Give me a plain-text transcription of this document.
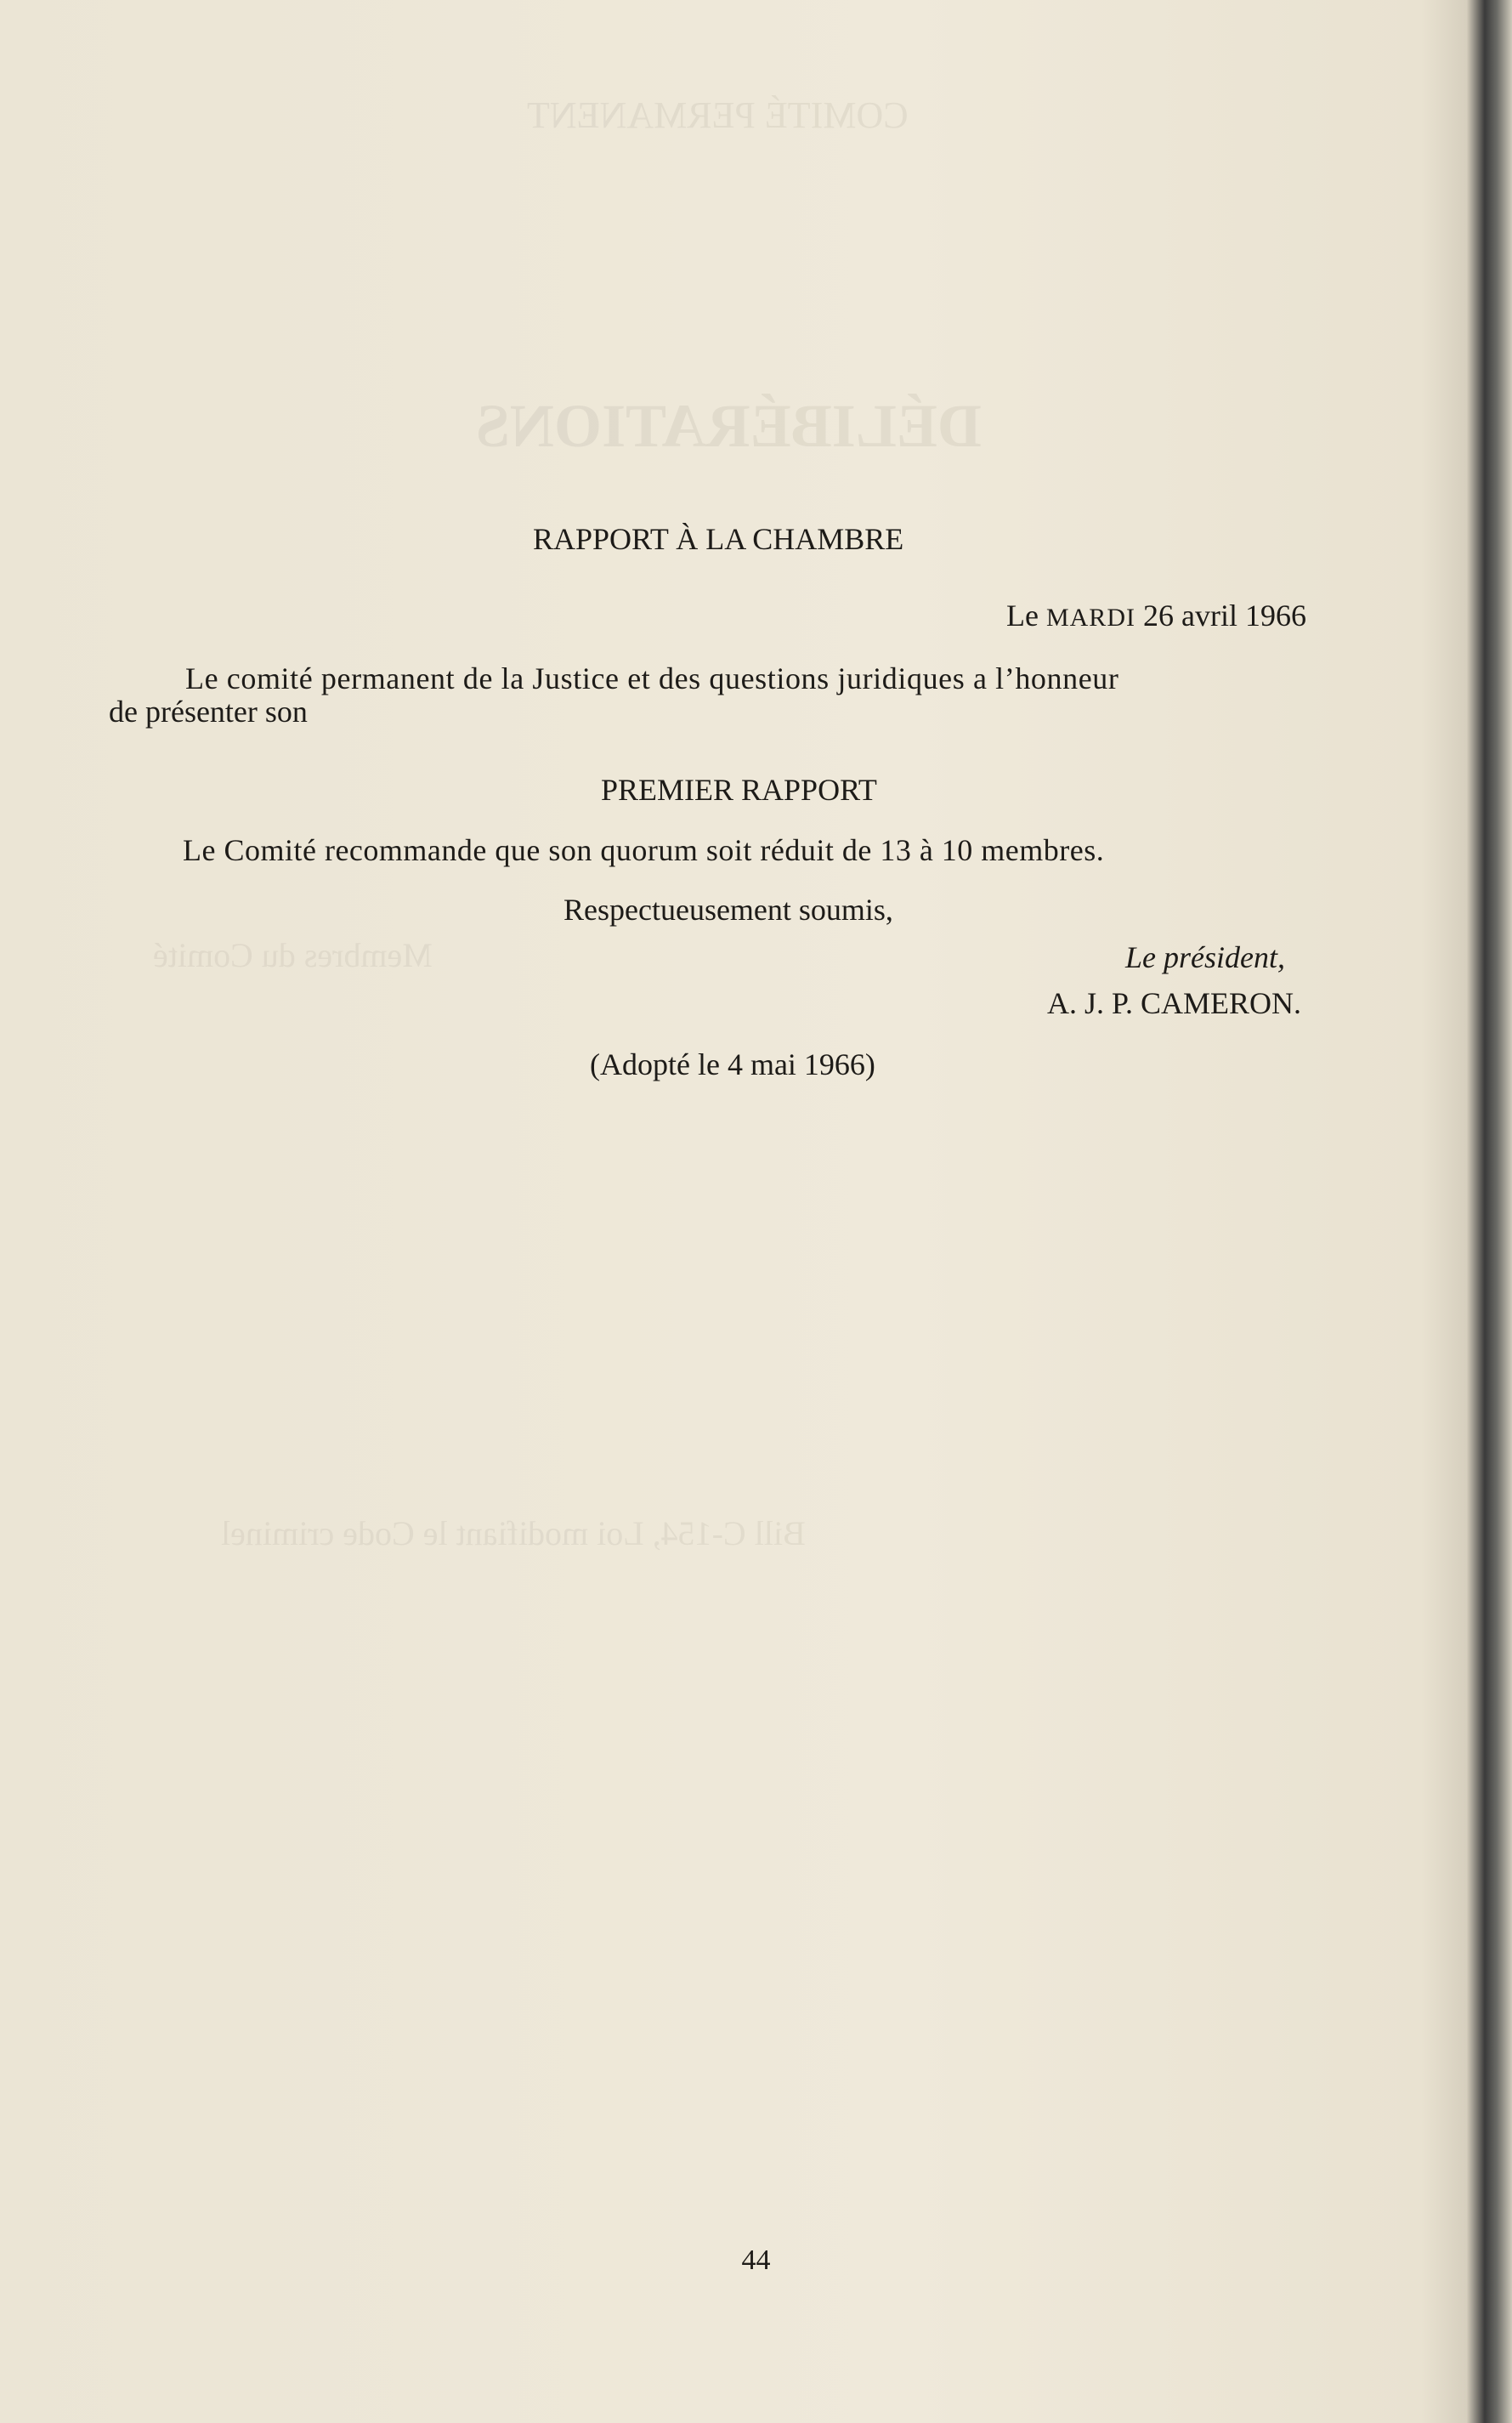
COMITÉ PERMANENT
DÉLIBÉRATIONS
Membres du Comité
Bill C-154, Loi modifiant le Code criminel
RAPPORT À LA CHAMBRE
Le MARDI 26 avril 1966
Le comité permanent de la Justice et des questions juridiques a l’honneur
de présenter son
PREMIER RAPPORT
Le Comité recommande que son quorum soit réduit de 13 à 10 membres.
Respectueusement soumis,
Le président,
A. J. P. CAMERON.
(Adopté le 4 mai 1966)
44
